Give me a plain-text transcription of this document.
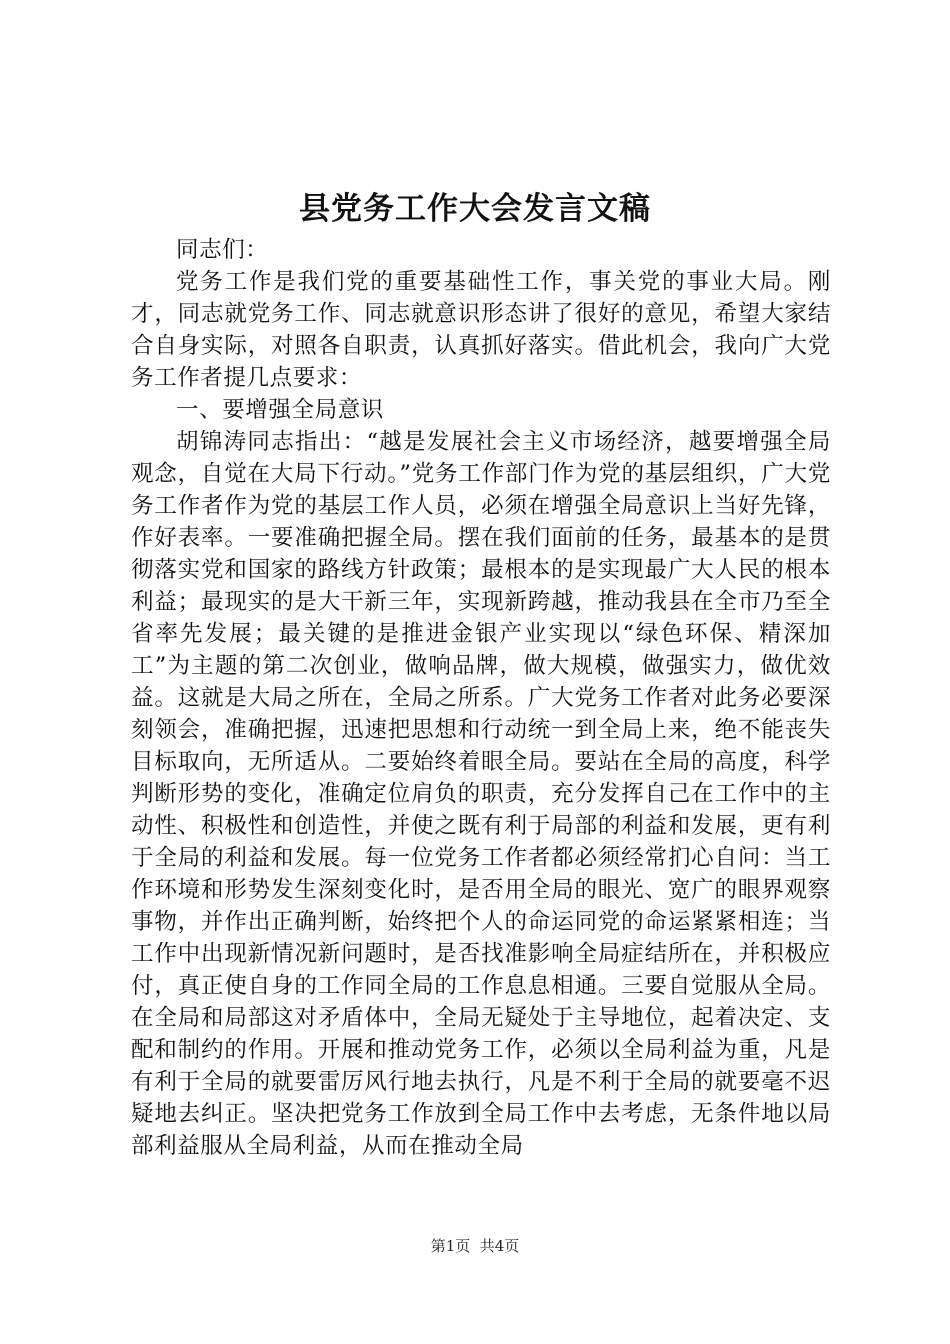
县党务工作大会发言文稿

同志们：

党务工作是我们党的重要基础性工作，事关党的事业大局。刚才，同志就党务工作、同志就意识形态讲了很好的意见，希望大家结合自身实际，对照各自职责，认真抓好落实。借此机会，我向广大党务工作者提几点要求：

一、要增强全局意识

胡锦涛同志指出：“越是发展社会主义市场经济，越要增强全局观念，自觉在大局下行动。”党务工作部门作为党的基层组织，广大党务工作者作为党的基层工作人员，必须在增强全局意识上当好先锋，作好表率。一要准确把握全局。摆在我们面前的任务，最基本的是贯彻落实党和国家的路线方针政策；最根本的是实现最广大人民的根本利益；最现实的是大干新三年，实现新跨越，推动我县在全市乃至全省率先发展；最关键的是推进金银产业实现以“绿色环保、精深加工”为主题的第二次创业，做响品牌，做大规模，做强实力，做优效益。这就是大局之所在，全局之所系。广大党务工作者对此务必要深刻领会，准确把握，迅速把思想和行动统一到全局上来，绝不能丧失目标取向，无所适从。二要始终着眼全局。要站在全局的高度，科学判断形势的变化，准确定位肩负的职责，充分发挥自己在工作中的主动性、积极性和创造性，并使之既有利于局部的利益和发展，更有利于全局的利益和发展。每一位党务工作者都必须经常扪心自问：当工作环境和形势发生深刻变化时，是否用全局的眼光、宽广的眼界观察事物，并作出正确判断，始终把个人的命运同党的命运紧紧相连；当工作中出现新情况新问题时，是否找准影响全局症结所在，并积极应付，真正使自身的工作同全局的工作息息相通。三要自觉服从全局。在全局和局部这对矛盾体中，全局无疑处于主导地位，起着决定、支配和制约的作用。开展和推动党务工作，必须以全局利益为重，凡是有利于全局的就要雷厉风行地去执行，凡是不利于全局的就要毫不迟疑地去纠正。坚决把党务工作放到全局工作中去考虑，无条件地以局部利益服从全局利益，从而在推动全局

第1页  共4页
